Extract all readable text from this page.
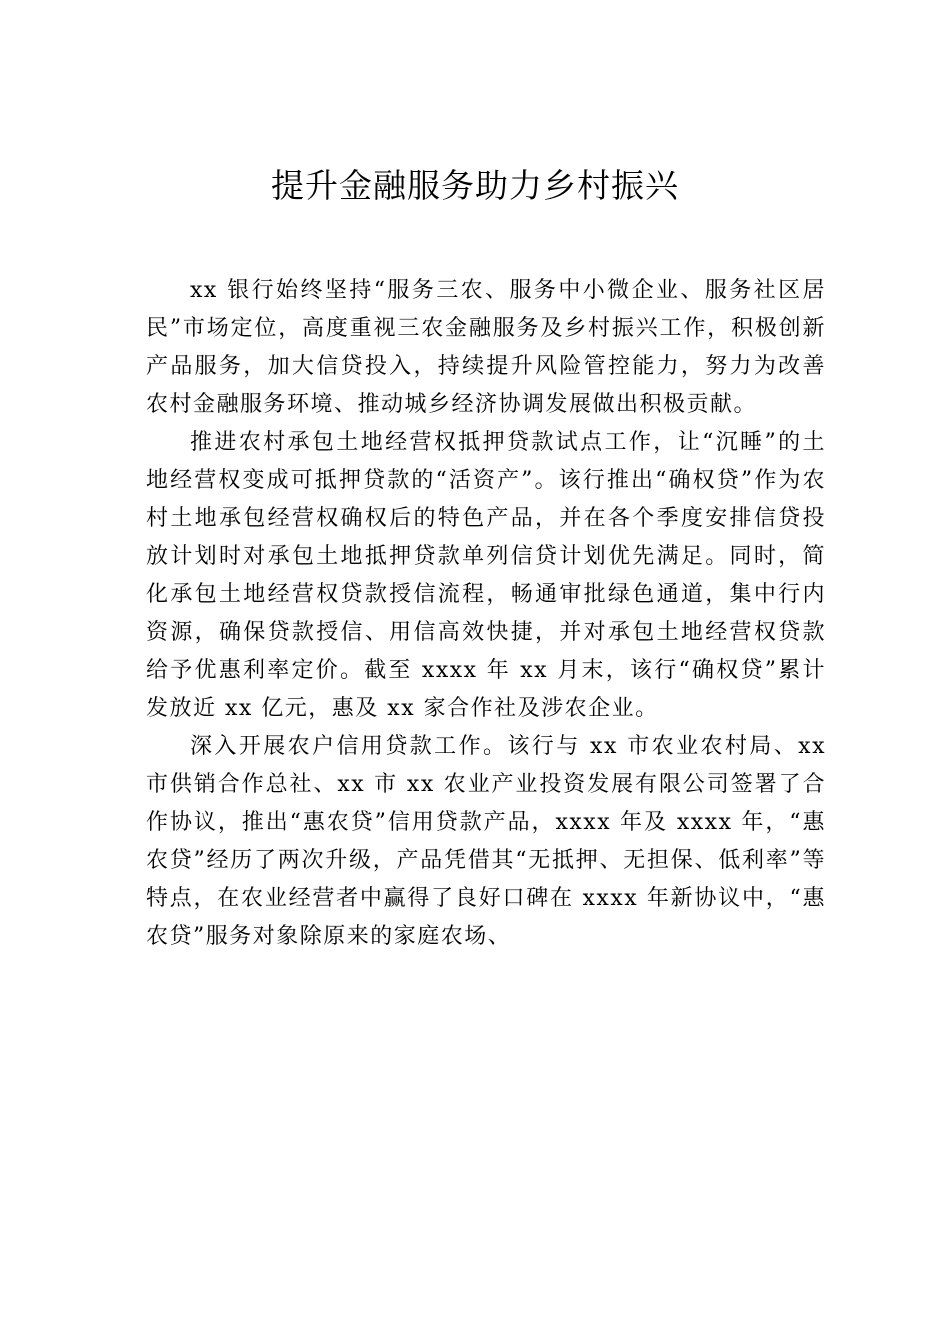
提升金融服务助力乡村振兴

xx 银行始终坚持“服务三农、服务中小微企业、服务社区居民”市场定位，高度重视三农金融服务及乡村振兴工作，积极创新产品服务，加大信贷投入，持续提升风险管控能力，努力为改善农村金融服务环境、推动城乡经济协调发展做出积极贡献。

推进农村承包土地经营权抵押贷款试点工作，让“沉睡”的土地经营权变成可抵押贷款的“活资产”。该行推出“确权贷”作为农村土地承包经营权确权后的特色产品，并在各个季度安排信贷投放计划时对承包土地抵押贷款单列信贷计划优先满足。同时，简化承包土地经营权贷款授信流程，畅通审批绿色通道，集中行内资源，确保贷款授信、用信高效快捷，并对承包土地经营权贷款给予优惠利率定价。截至 xxxx 年 xx 月末，该行“确权贷”累计发放近 xx 亿元，惠及 xx 家合作社及涉农企业。

深入开展农户信用贷款工作。该行与 xx 市农业农村局、xx 市供销合作总社、xx 市 xx 农业产业投资发展有限公司签署了合作协议，推出“惠农贷”信用贷款产品，xxxx 年及 xxxx 年，“惠农贷”经历了两次升级，产品凭借其“无抵押、无担保、低利率”等特点，在农业经营者中赢得了良好口碑在 xxxx 年新协议中，“惠农贷”服务对象除原来的家庭农场、
